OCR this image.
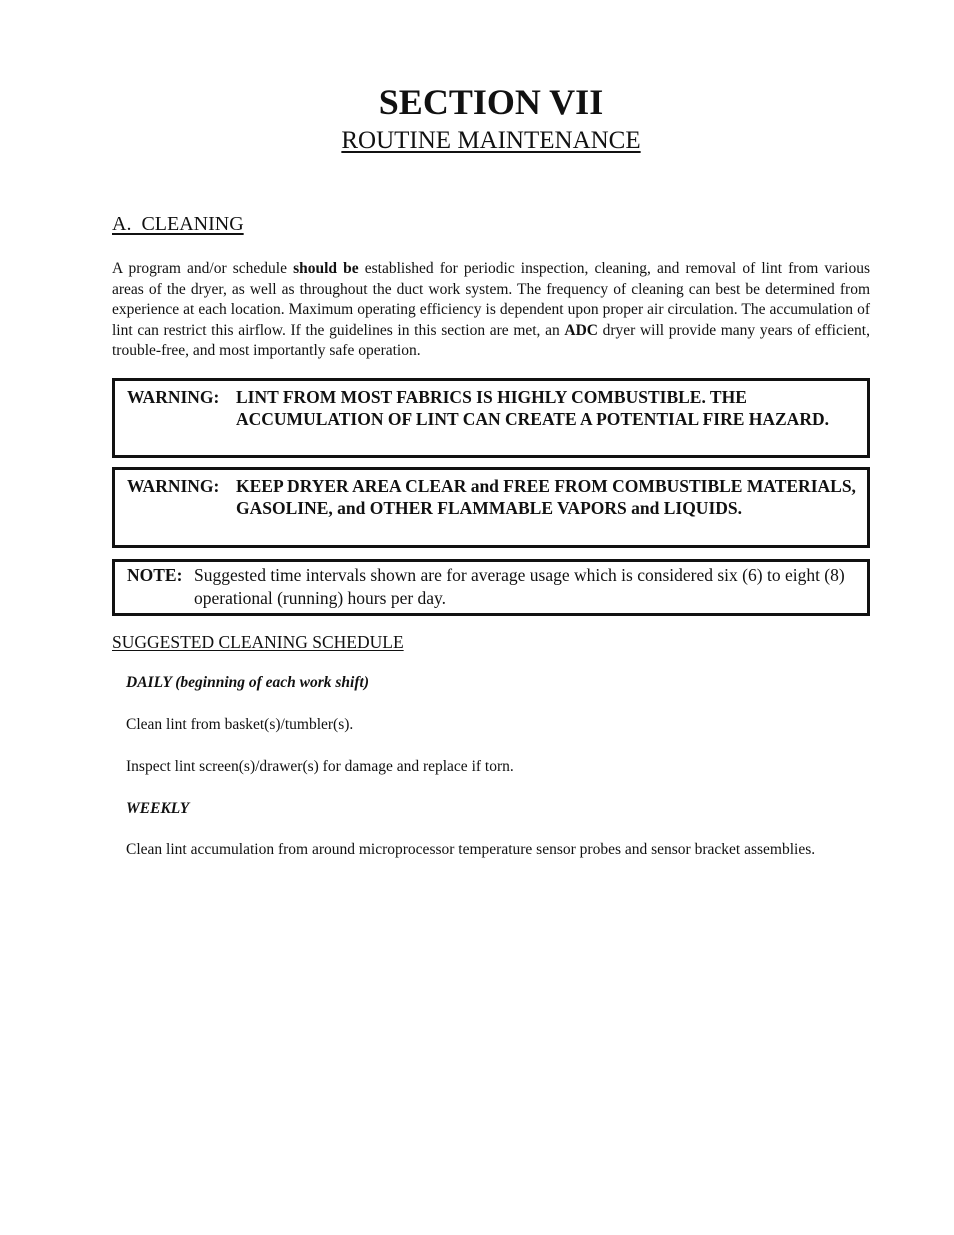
SECTION VII
ROUTINE MAINTENANCE
A.  CLEANING

A program and/or schedule should be established for periodic inspection, cleaning, and removal of lint from various areas of the dryer, as well as throughout the duct work system. The frequency of cleaning can best be determined from experience at each location. Maximum operating efficiency is dependent upon proper air circulation. The accumulation of lint can restrict this airflow. If the guidelines in this section are met, an ADC dryer will provide many years of efficient, trouble-free, and most importantly safe operation.

WARNING: LINT FROM MOST FABRICS IS HIGHLY COMBUSTIBLE. THE ACCUMULATION OF LINT CAN CREATE A POTENTIAL FIRE HAZARD.
WARNING: KEEP DRYER AREA CLEAR and FREE FROM COMBUSTIBLE MATERIALS, GASOLINE, and OTHER FLAMMABLE VAPORS and LIQUIDS.
NOTE: Suggested time intervals shown are for average usage which is considered six (6) to eight (8) operational (running) hours per day.
SUGGESTED CLEANING SCHEDULE
DAILY (beginning of each work shift)
Clean lint from basket(s)/tumbler(s).
Inspect lint screen(s)/drawer(s) for damage and replace if torn.
WEEKLY
Clean lint accumulation from around microprocessor temperature sensor probes and sensor bracket assemblies.
